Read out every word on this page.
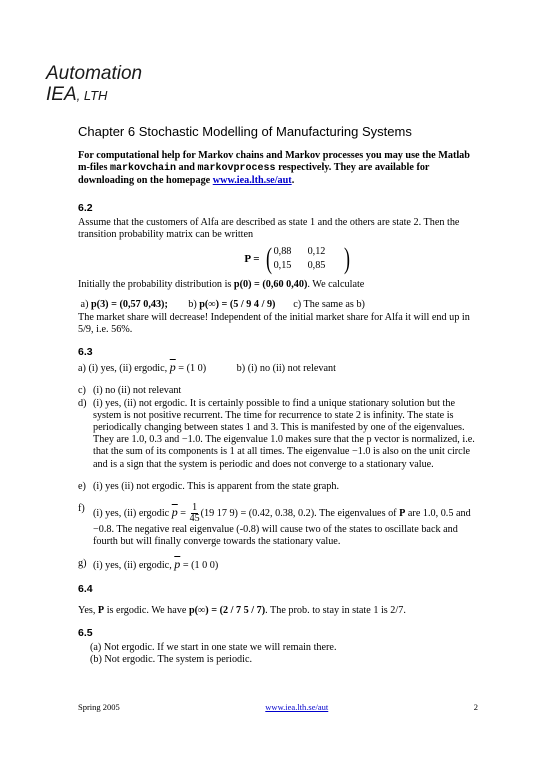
Automation
IEA, LTH
Chapter 6 Stochastic Modelling of Manufacturing Systems

For computational help for Markov chains and Markov processes you may use the Matlab m-files markovchain and markovprocess respectively. They are available for downloading on the homepage www.iea.lth.se/aut.

6.2

Assume that the customers of Alfa are described as state 1 and the others are state 2. Then the transition probability matrix can be written

P = ( 0,88	0,12
0,15	0,85 )

Initially the probability distribution is p(0) = (0,60 0,40). We calculate

a) p(3) = (0,57 0,43); b) p(∞) = (5 / 9 4 / 9) c) The same as b)

The market share will decrease! Independent of the initial market share for Alfa it will end up in 5/9, i.e. 56%.

6.3

a) (i) yes, (ii) ergodic, $\overline{p} = (1$ 0)	b) (i) no (ii) not relevant

c) (i) no (ii) not relevant
d) (i) yes, (ii) not ergodic. It is certainly possible to find a unique stationary solution but the system is not positive recurrent. The time for recurrence to state 2 is infinity. The state is periodically changing between states 1 and 3. This is manifested by one of the eigenvalues. They are 1.0, 0.3 and −1.0. The eigenvalue 1.0 makes sure that the p vector is normalized, i.e. that the sum of its components is 1 at all times. The eigenvalue −1.0 is also on the unit circle and is a sign that the system is periodic and does not converge to a stationary value.
e) (i) yes (ii) not ergodic. This is apparent from the state graph.
f) (i) yes, (ii) ergodic $\overline{p} = \frac{1}{45} (19$ 17 9) = (0.42, 0.38, 0.2). The eigenvalues of P are 1.0, 0.5 and −0.8. The negative real eigenvalue (-0.8) will cause two of the states to oscillate back and fourth but will finally converge towards the stationary value.
g) (i) yes, (ii) ergodic, $\overline{p} = (1$ 0 0)
6.4

Yes, P is ergodic. We have p(∞) = (2 / 7 5 / 7). The prob. to stay in state 1 is 2/7.

6.5

(a) Not ergodic. If we start in one state we will remain there.

(b) Not ergodic. The system is periodic.

Spring 2005	www.iea.lth.se/aut	2
